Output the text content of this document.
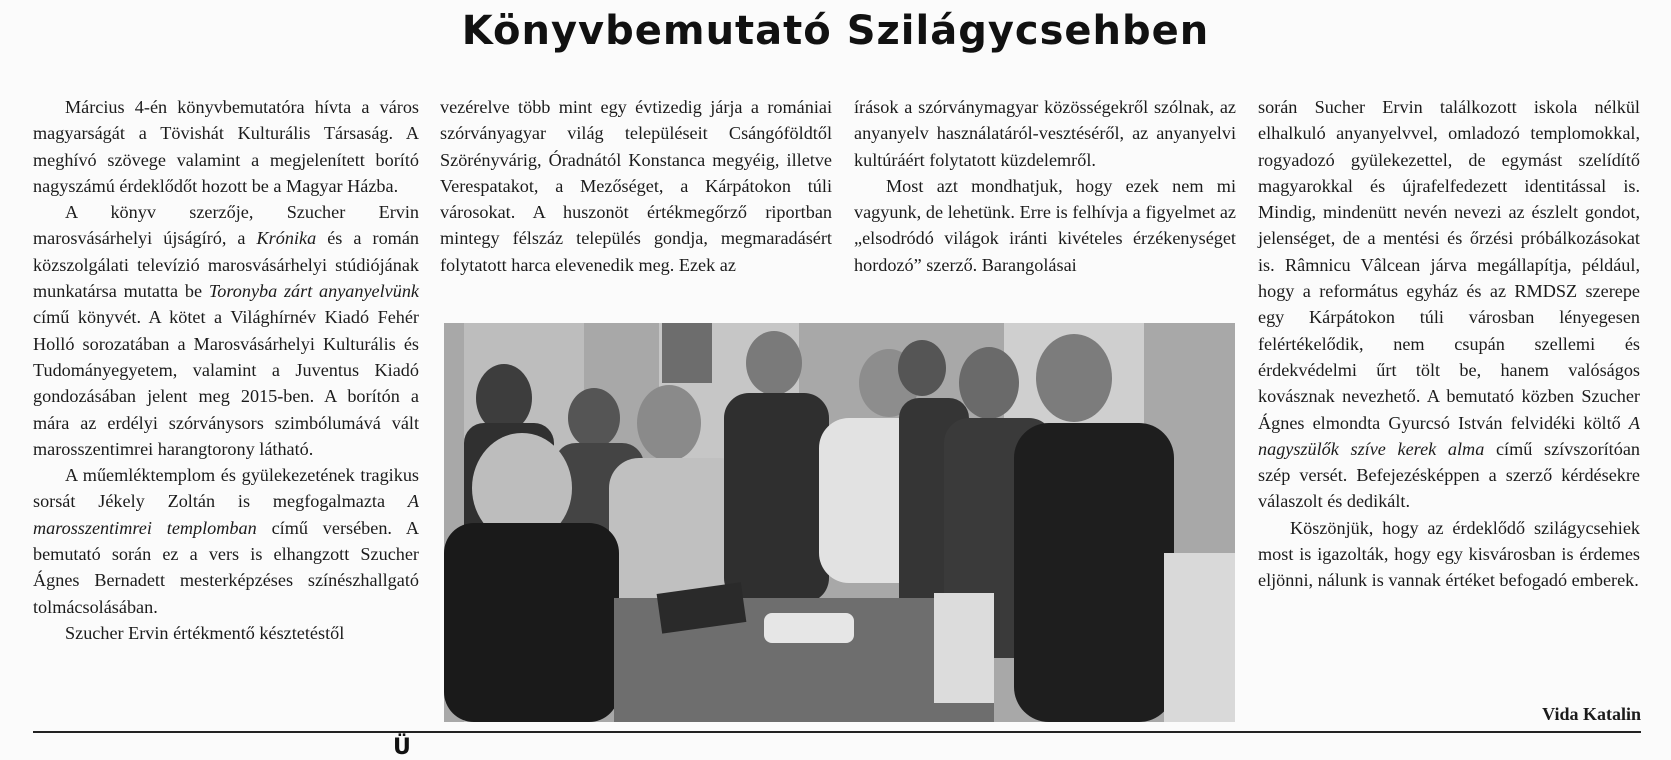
Könyvbemutató Szilágycsehben

Március 4-én könyvbemutatóra hívta a város magyarságát a Tövishát Kulturális Társaság. A meghívó szövege valamint a megjelenített borító nagyszámú érdeklődőt hozott be a Magyar Házba.

A könyv szerzője, Szucher Ervin marosvásárhelyi újságíró, a Krónika és a román közszolgálati televízió marosvásárhelyi stúdiójának munkatársa mutatta be Toronyba zárt anyanyelvünk című könyvét. A kötet a Világhírnév Kiadó Fehér Holló sorozatában a Marosvásárhelyi Kulturális és Tudományegyetem, valamint a Juventus Kiadó gondozásában jelent meg 2015-ben. A borítón a mára az erdélyi szórványsors szimbólumává vált marosszentimrei harangtorony látható.

A műemléktemplom és gyülekezetének tragikus sorsát Jékely Zoltán is megfogalmazta A marosszentimrei templomban című versében. A bemutató során ez a vers is elhangzott Szucher Ágnes Bernadett mesterképzéses színészhallgató tolmácsolásában.

Szucher Ervin értékmentő késztetéstől

vezérelve több mint egy évtizedig járja a romániai szórványagyar világ településeit Csángóföldtől Szörényvárig, Óradnától Konstanca megyéig, illetve Verespatakot, a Mezőséget, a Kárpátokon túli városokat. A huszonöt értékmegőrző riportban mintegy félszáz település gondja, megmaradásért folytatott harca elevenedik meg. Ezek az

írások a szórványmagyar közösségekről szólnak, az anyanyelv használatáról-vesztéséről, az anyanyelvi kultúráért folytatott küzdelemről.

Most azt mondhatjuk, hogy ezek nem mi vagyunk, de lehetünk. Erre is felhívja a figyelmet az „elsodródó világok iránti kivételes érzékenységet hordozó” szerző. Barangolásai

során Sucher Ervin találkozott iskola nélkül elhalkuló anyanyelvvel, omladozó templomokkal, rogyadozó gyülekezettel, de egymást szelídítő magyarokkal és újrafelfedezett identitással is. Mindig, mindenütt nevén nevezi az észlelt gondot, jelenséget, de a mentési és őrzési próbálkozásokat is. Râmnicu Vâlcean járva megállapítja, például, hogy a református egyház és az RMDSZ szerepe egy Kárpátokon túli városban lényegesen felértékelődik, nem csupán szellemi és érdekvédelmi űrt tölt be, hanem valóságos kovásznak nevezhető. A bemutató közben Szucher Ágnes elmondta Gyurcsó István felvidéki költő A nagyszülők szíve kerek alma című szívszorítóan szép versét. Befejezésképpen a szerző kérdésekre válaszolt és dedikált.

Köszönjük, hogy az érdeklődő szilágycsehiek most is igazolták, hogy egy kisvárosban is érdemes eljönni, nálunk is vannak értéket befogadó emberek.

Vida Katalin
Ü
